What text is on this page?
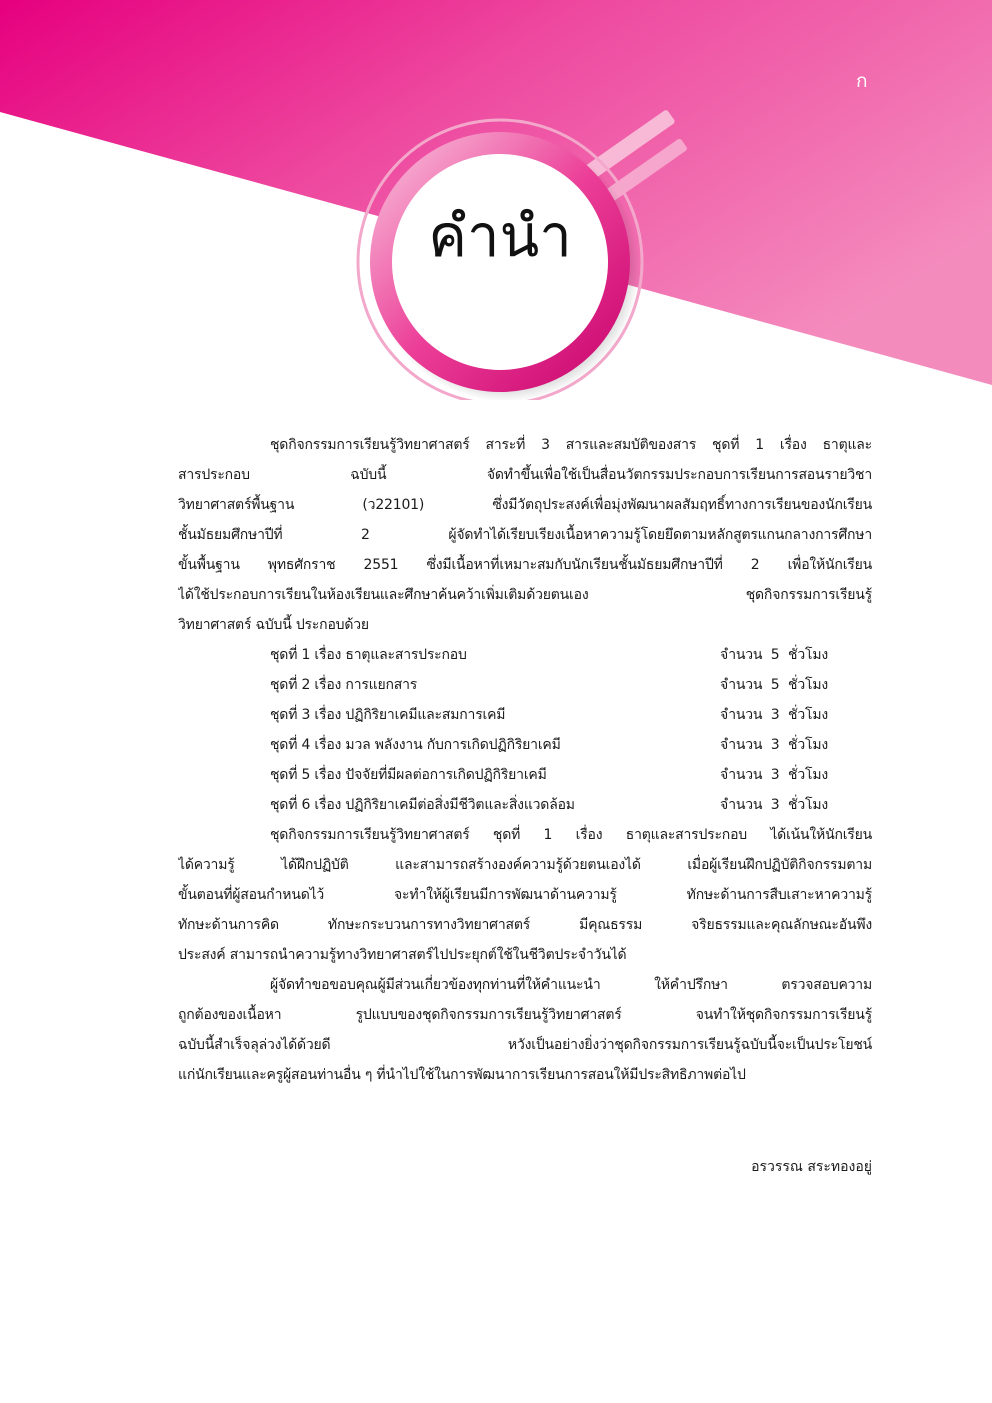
ก
คำนำ
ชุดกิจกรรมการเรียนรู้วิทยาศาสตร์ สาระที่ 3 สารและสมบัติของสาร ชุดที่ 1 เรื่อง ธาตุและ
สารประกอบ ฉบับนี้ จัดทำขึ้นเพื่อใช้เป็นสื่อนวัตกรรมประกอบการเรียนการสอนรายวิชา
วิทยาศาสตร์พื้นฐาน (ว22101) ซึ่งมีวัตถุประสงค์เพื่อมุ่งพัฒนาผลสัมฤทธิ์ทางการเรียนของนักเรียน
ชั้นมัธยมศึกษาปีที่ 2 ผู้จัดทำได้เรียบเรียงเนื้อหาความรู้โดยยึดตามหลักสูตรแกนกลางการศึกษา
ขั้นพื้นฐาน พุทธศักราช 2551 ซึ่งมีเนื้อหาที่เหมาะสมกับนักเรียนชั้นมัธยมศึกษาปีที่ 2 เพื่อให้นักเรียน
ได้ใช้ประกอบการเรียนในห้องเรียนและศึกษาค้นคว้าเพิ่มเติมด้วยตนเอง ชุดกิจกรรมการเรียนรู้
วิทยาศาสตร์ ฉบับนี้ ประกอบด้วย
ชุดที่ 1 เรื่อง ธาตุและสารประกอบ	จำนวน 5 ชั่วโมง
ชุดที่ 2 เรื่อง การแยกสาร	จำนวน 5 ชั่วโมง
ชุดที่ 3 เรื่อง ปฏิกิริยาเคมีและสมการเคมี	จำนวน 3 ชั่วโมง
ชุดที่ 4 เรื่อง มวล พลังงาน กับการเกิดปฏิกิริยาเคมี	จำนวน 3 ชั่วโมง
ชุดที่ 5 เรื่อง ปัจจัยที่มีผลต่อการเกิดปฏิกิริยาเคมี	จำนวน 3 ชั่วโมง
ชุดที่ 6 เรื่อง ปฏิกิริยาเคมีต่อสิ่งมีชีวิตและสิ่งแวดล้อม	จำนวน 3 ชั่วโมง
ชุดกิจกรรมการเรียนรู้วิทยาศาสตร์ ชุดที่ 1 เรื่อง ธาตุและสารประกอบ ได้เน้นให้นักเรียน
ได้ความรู้ ได้ฝึกปฏิบัติ และสามารถสร้างองค์ความรู้ด้วยตนเองได้ เมื่อผู้เรียนฝึกปฏิบัติกิจกรรมตาม
ขั้นตอนที่ผู้สอนกำหนดไว้ จะทำให้ผู้เรียนมีการพัฒนาด้านความรู้ ทักษะด้านการสืบเสาะหาความรู้
ทักษะด้านการคิด ทักษะกระบวนการทางวิทยาศาสตร์ มีคุณธรรม จริยธรรมและคุณลักษณะอันพึง
ประสงค์ สามารถนำความรู้ทางวิทยาศาสตร์ไปประยุกต์ใช้ในชีวิตประจำวันได้
ผู้จัดทำขอขอบคุณผู้มีส่วนเกี่ยวข้องทุกท่านที่ให้คำแนะนำ ให้คำปรึกษา ตรวจสอบความ
ถูกต้องของเนื้อหา รูปแบบของชุดกิจกรรมการเรียนรู้วิทยาศาสตร์ จนทำให้ชุดกิจกรรมการเรียนรู้
ฉบับนี้สำเร็จลุล่วงได้ด้วยดี หวังเป็นอย่างยิ่งว่าชุดกิจกรรมการเรียนรู้ฉบับนี้จะเป็นประโยชน์
แก่นักเรียนและครูผู้สอนท่านอื่น ๆ ที่นำไปใช้ในการพัฒนาการเรียนการสอนให้มีประสิทธิภาพต่อไป
อรวรรณ สระทองอยู่
